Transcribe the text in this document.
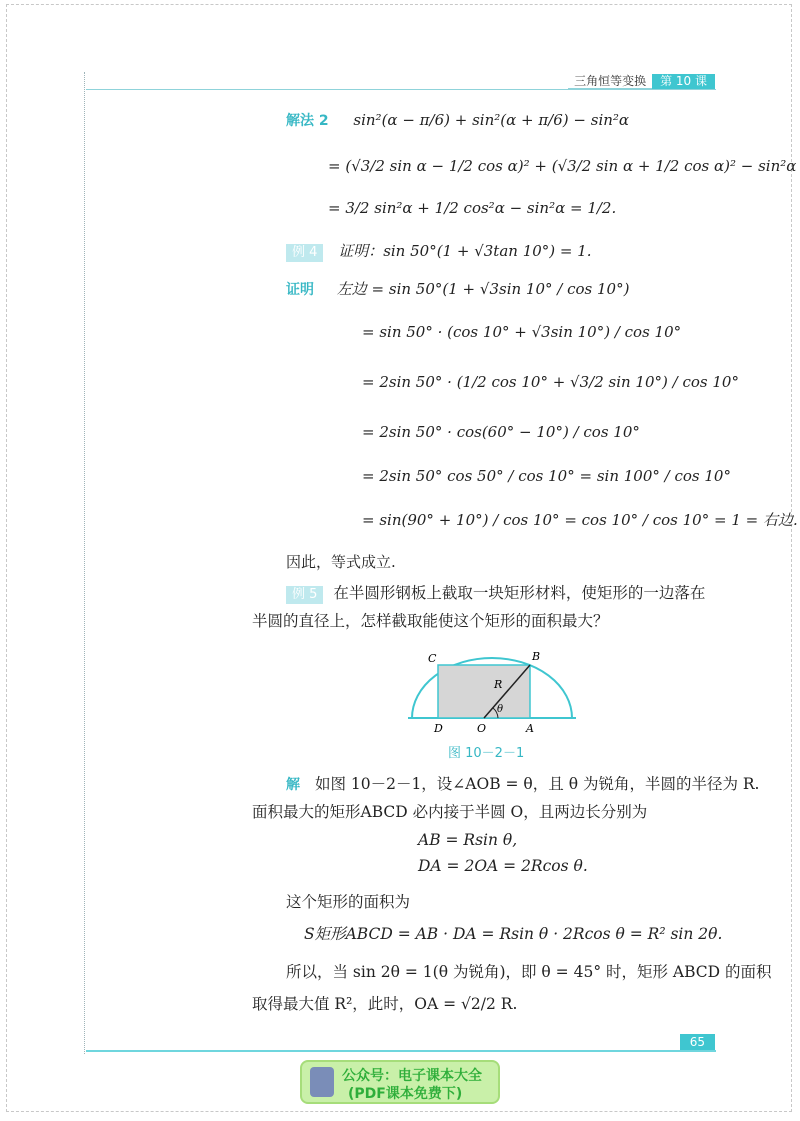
三角恒等变换	第 10 课
解法 2 sin²(α − π/6) + sin²(α + π/6) − sin²α
= (√3/2 sin α − 1/2 cos α)² + (√3/2 sin α + 1/2 cos α)² − sin²α
= 3/2 sin²α + 1/2 cos²α − sin²α = 1/2.
例 4 证明：sin 50°(1 + √3tan 10°) = 1.
证明 左边 = sin 50°(1 + √3sin 10° / cos 10°)
= sin 50° · (cos 10° + √3sin 10°) / cos 10°
= 2sin 50° · (1/2 cos 10° + √3/2 sin 10°) / cos 10°
= 2sin 50° · cos(60° − 10°) / cos 10°
= 2sin 50° cos 50° / cos 10° = sin 100° / cos 10°
= sin(90° + 10°) / cos 10° = cos 10° / cos 10° = 1 = 右边.
因此，等式成立.
例 5 在半圆形钢板上截取一块矩形材料，使矩形的一边落在
半圆的直径上，怎样截取能使这个矩形的面积最大？
C	B
R
θ
D	O	A
图 10－2－1
解 如图 10－2－1，设∠AOB = θ，且 θ 为锐角，半圆的半径为 R.
面积最大的矩形ABCD 必内接于半圆 O，且两边长分别为
AB = Rsin θ,
DA = 2OA = 2Rcos θ.
这个矩形的面积为
S矩形ABCD = AB · DA = Rsin θ · 2Rcos θ = R² sin 2θ.
所以，当 sin 2θ = 1(θ 为锐角)，即 θ = 45° 时，矩形 ABCD 的面积
取得最大值 R²，此时，OA = √2/2 R.
65
公众号：电子课本大全
(PDF课本免费下)
